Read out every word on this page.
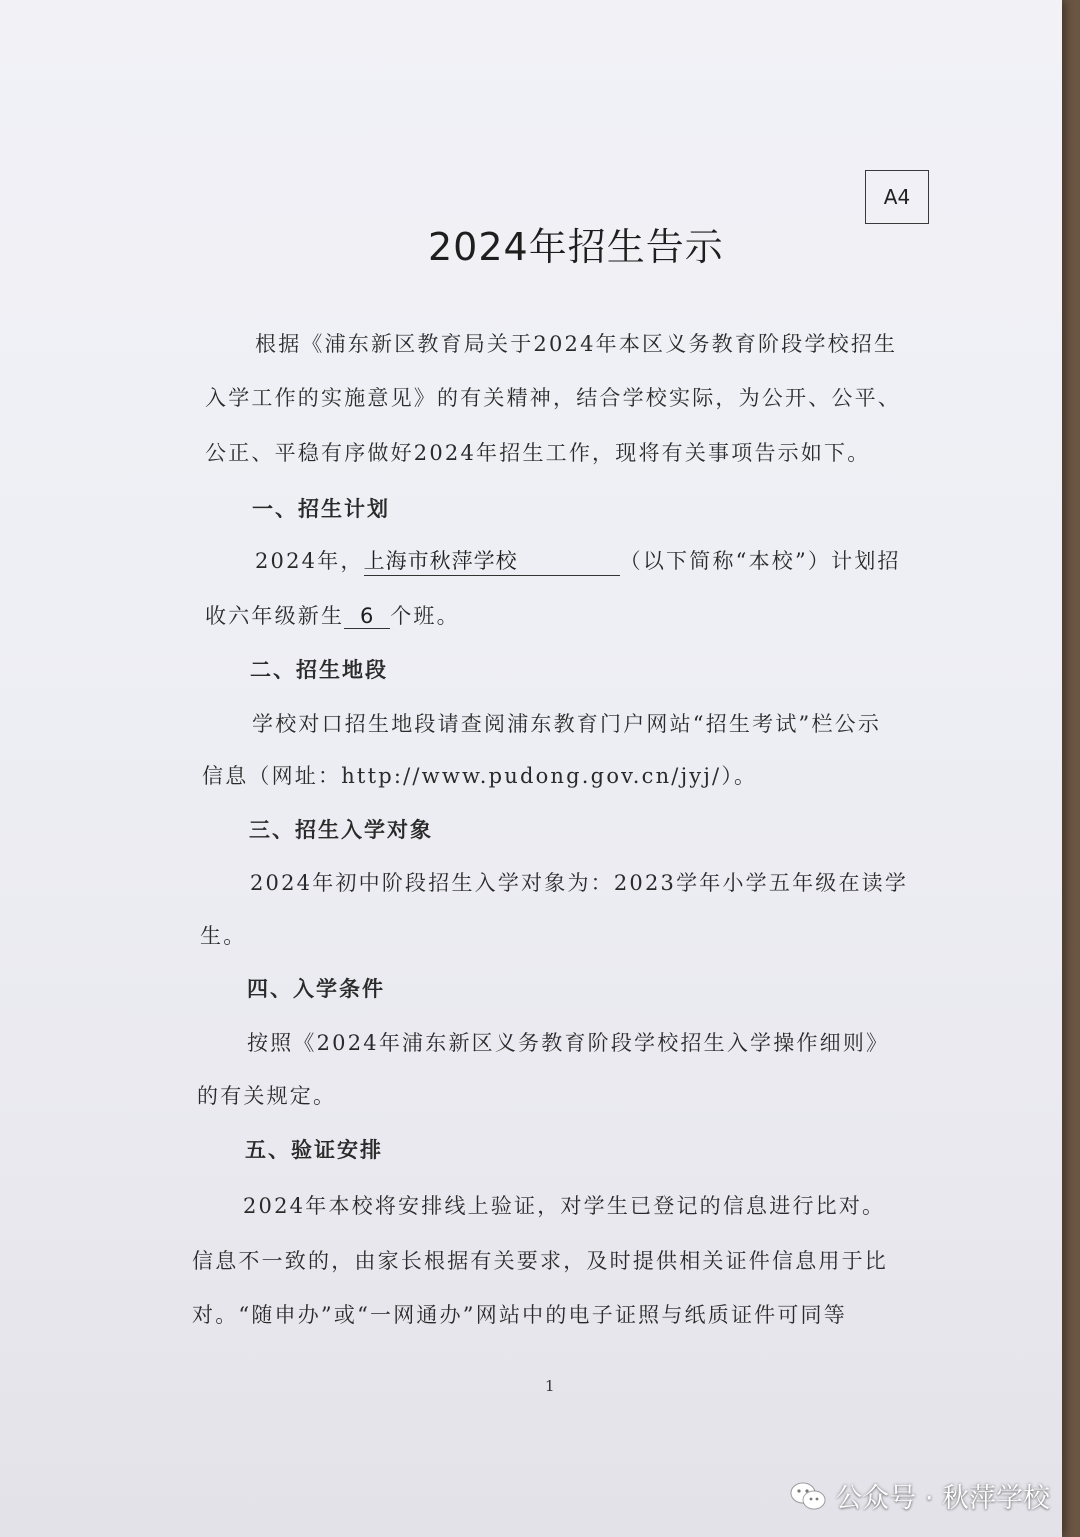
A4
2024年招生告示
根据《浦东新区教育局关于2024年本区义务教育阶段学校招生
入学工作的实施意见》的有关精神，结合学校实际，为公开、公平、
公正、平稳有序做好2024年招生工作，现将有关事项告示如下。
一、招生计划
2024年，上海市秋萍学校	（以下简称“本校”）计划招
收六年级新生 6 个班。
二、招生地段
学校对口招生地段请查阅浦东教育门户网站“招生考试”栏公示
信息（网址：http://www.pudong.gov.cn/jyj/）。
三、招生入学对象
2024年初中阶段招生入学对象为：2023学年小学五年级在读学
生。
四、入学条件
按照《2024年浦东新区义务教育阶段学校招生入学操作细则》
的有关规定。
五、验证安排
2024年本校将安排线上验证，对学生已登记的信息进行比对。
信息不一致的，由家长根据有关要求，及时提供相关证件信息用于比
对。“随申办”或“一网通办”网站中的电子证照与纸质证件可同等
1
公众号 · 秋萍学校
